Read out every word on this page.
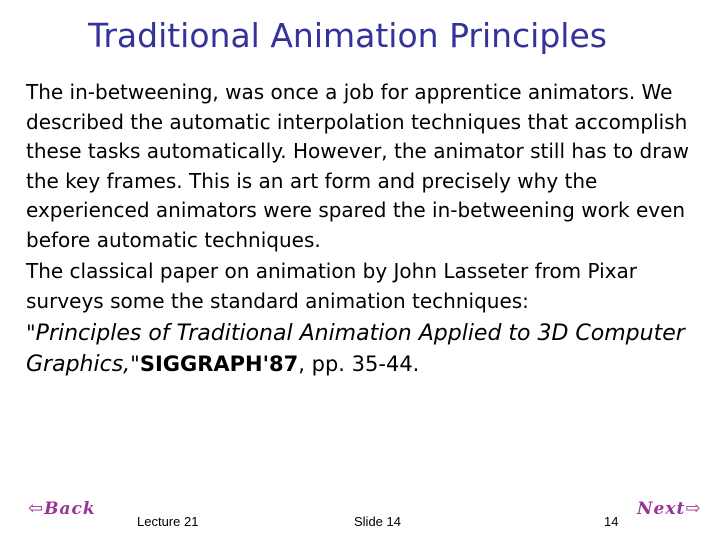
Traditional Animation Principles

The in-betweening, was once a job for apprentice animators. We described the automatic interpolation techniques that accomplish these tasks automatically. However, the animator still has to draw the key frames. This is an art form and precisely why the experienced animators were spared the in-betweening work even before automatic techniques.

The classical paper on animation by John Lasseter from Pixar surveys some the standard animation techniques:

"Principles of Traditional Animation Applied to 3D Computer Graphics,"SIGGRAPH'87, pp. 35-44.
⇦Back	Next⇨
Lecture 21	Slide 14	14
